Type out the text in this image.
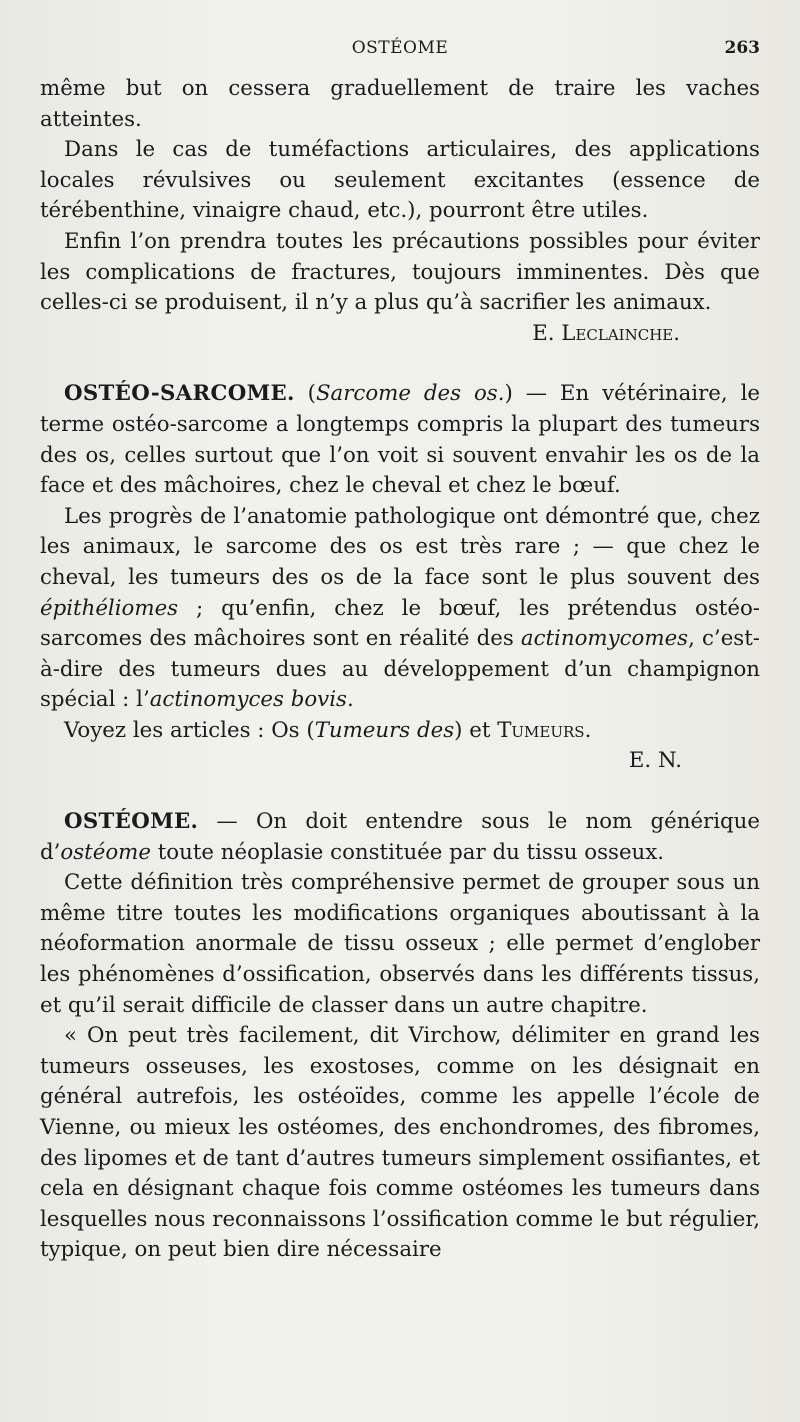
OSTÉOME	263

même but on cessera graduellement de traire les vaches atteintes.

Dans le cas de tuméfactions articulaires, des applications locales révulsives ou seulement excitantes (essence de térébenthine, vinaigre chaud, etc.), pourront être utiles.

Enfin l’on prendra toutes les précautions possibles pour éviter les complications de fractures, toujours imminentes. Dès que celles-ci se produisent, il n’y a plus qu’à sacrifier les animaux.

E. Leclainche.

OSTÉO-SARCOME. (Sarcome des os.) — En vétérinaire, le terme ostéo-sarcome a longtemps compris la plupart des tumeurs des os, celles surtout que l’on voit si souvent envahir les os de la face et des mâchoires, chez le cheval et chez le bœuf.

Les progrès de l’anatomie pathologique ont démontré que, chez les animaux, le sarcome des os est très rare ; — que chez le cheval, les tumeurs des os de la face sont le plus souvent des épithéliomes ; qu’enfin, chez le bœuf, les prétendus ostéo-sarcomes des mâchoires sont en réalité des actinomycomes, c’est-à-dire des tumeurs dues au développement d’un champignon spécial : l’actinomyces bovis.

Voyez les articles : Os (Tumeurs des) et Tumeurs.

E. N.

OSTÉOME. — On doit entendre sous le nom générique d’ostéome toute néoplasie constituée par du tissu osseux.

Cette définition très compréhensive permet de grouper sous un même titre toutes les modifications organiques aboutissant à la néoformation anormale de tissu osseux ; elle permet d’englober les phénomènes d’ossification, observés dans les différents tissus, et qu’il serait difficile de classer dans un autre chapitre.

« On peut très facilement, dit Virchow, délimiter en grand les tumeurs osseuses, les exostoses, comme on les désignait en général autrefois, les ostéoïdes, comme les appelle l’école de Vienne, ou mieux les ostéomes, des enchondromes, des fibromes, des lipomes et de tant d’autres tumeurs simplement ossifiantes, et cela en désignant chaque fois comme ostéomes les tumeurs dans lesquelles nous reconnaissons l’ossification comme le but régulier, typique, on peut bien dire nécessaire
